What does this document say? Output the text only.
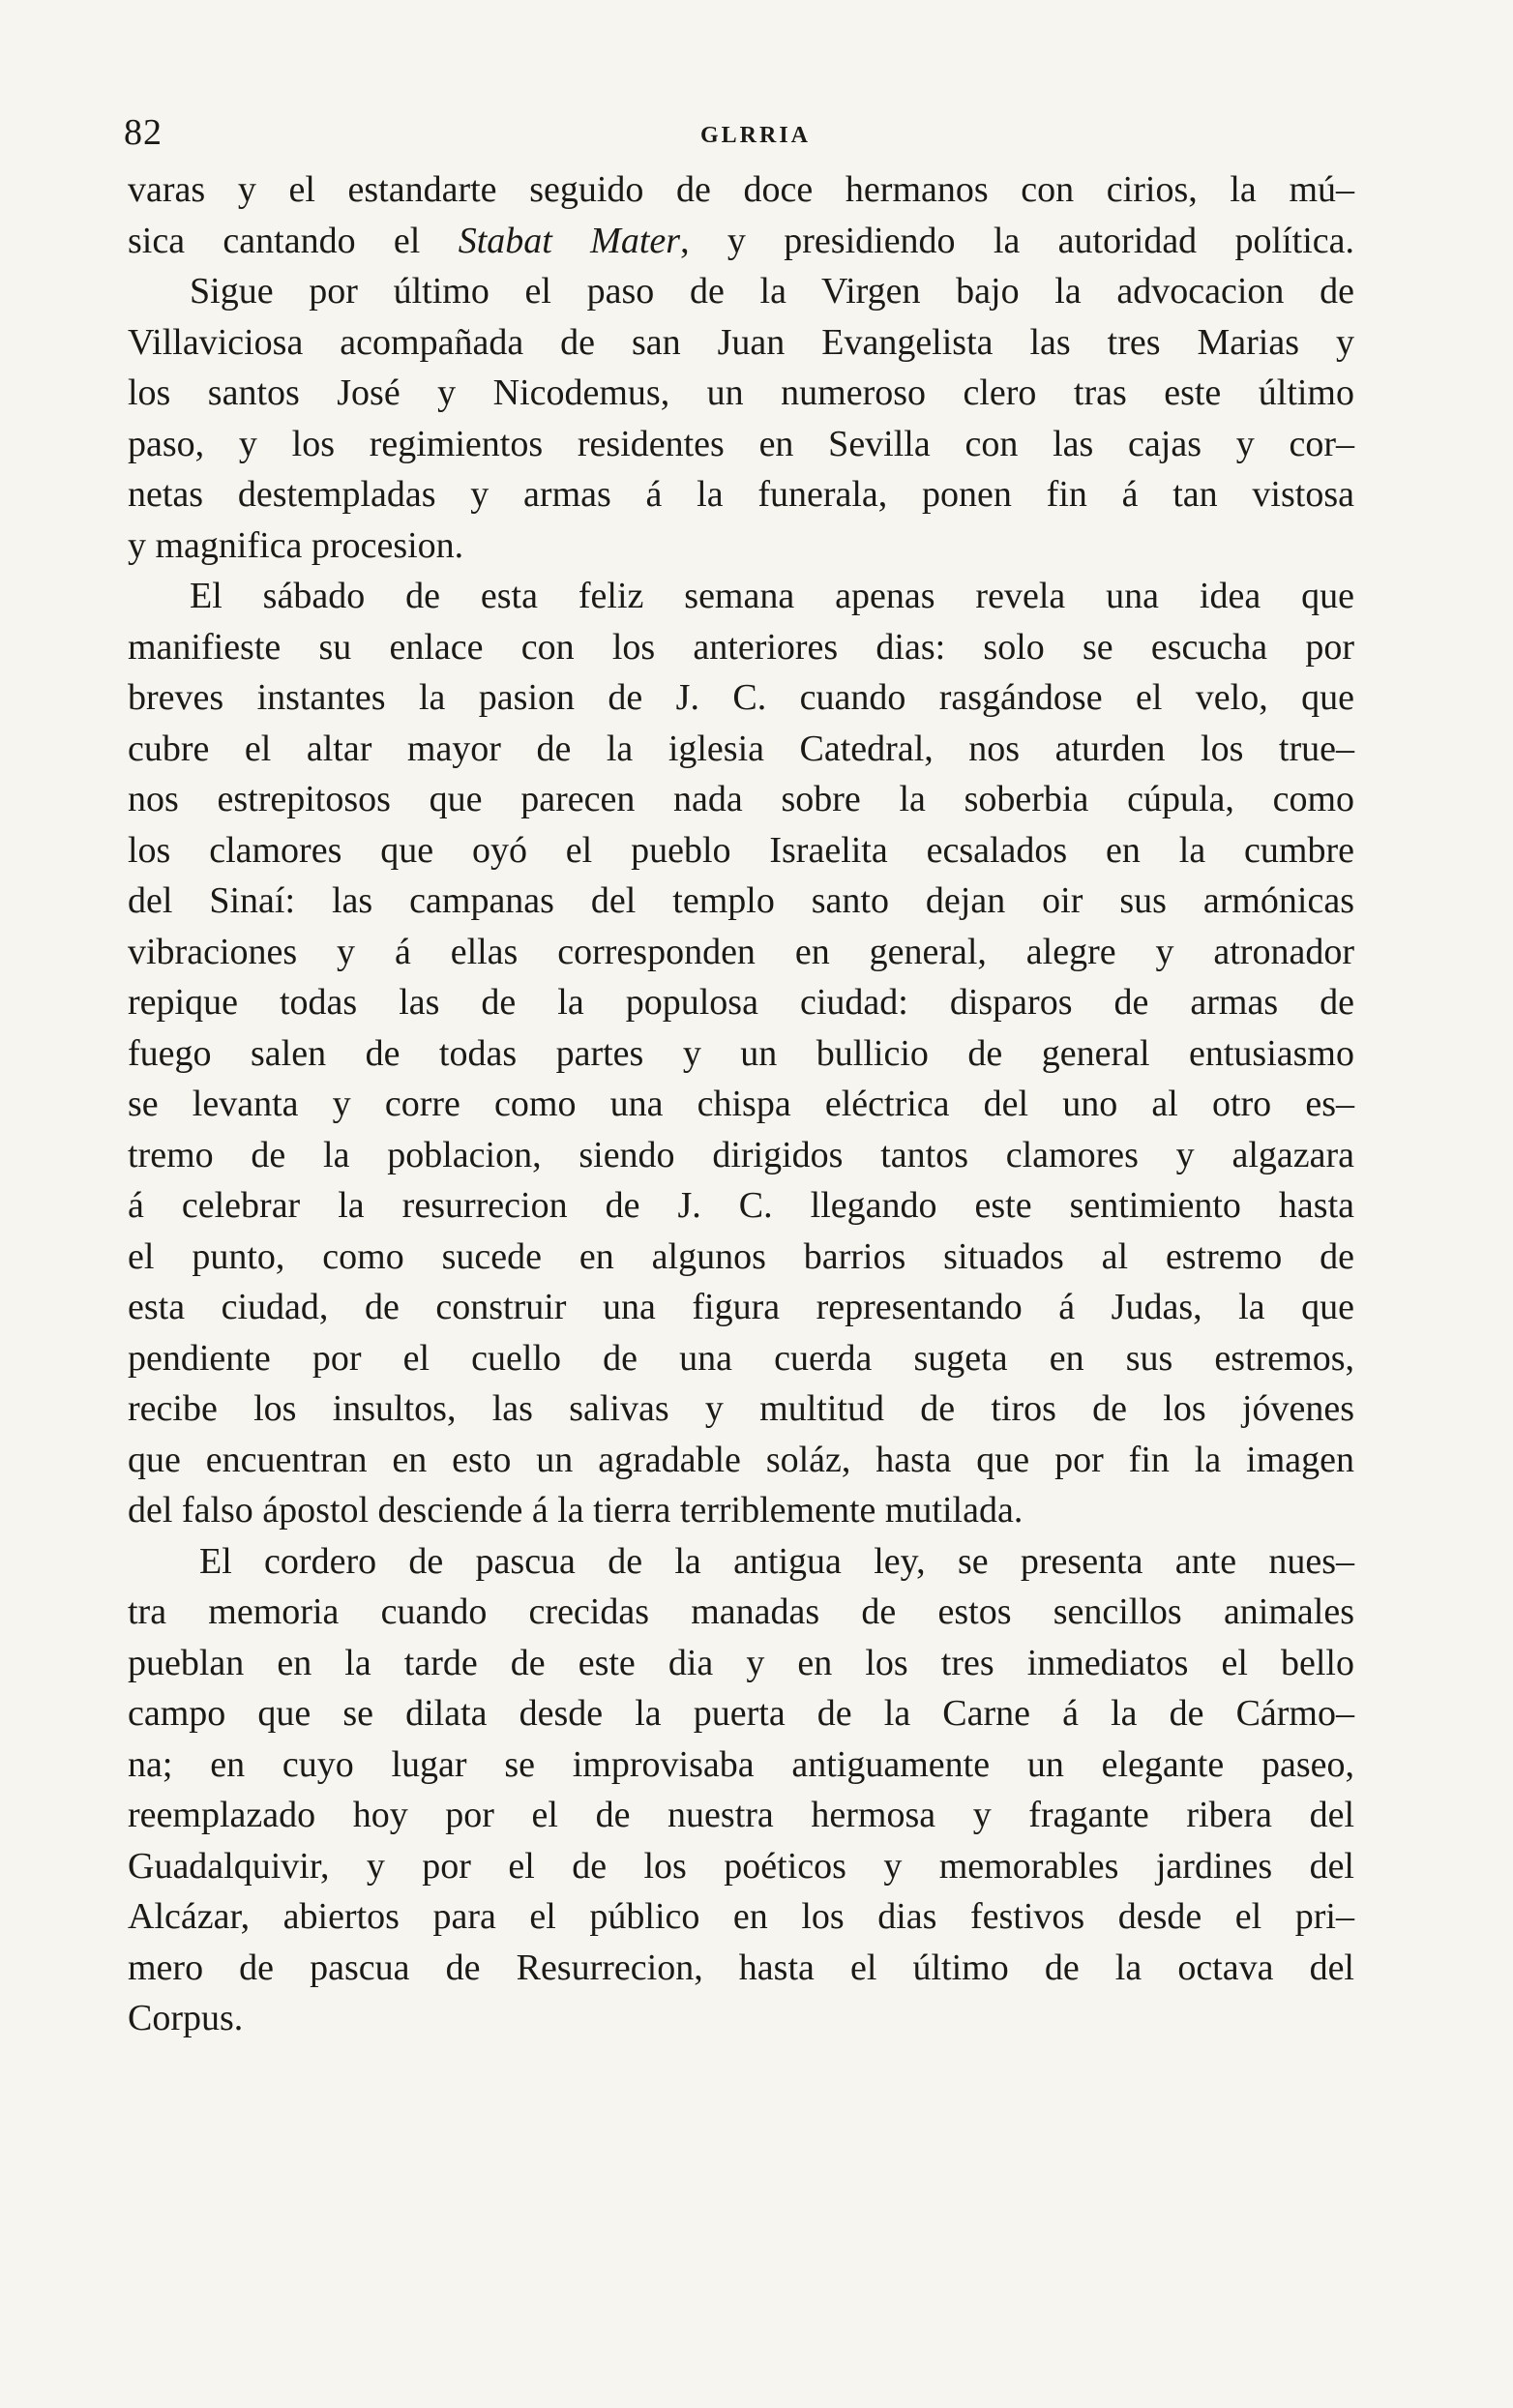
82	GLRRIA
varas y el estandarte seguido de doce hermanos con cirios, la mú–
sica cantando el Stabat Mater, y presidiendo la autoridad política.
Sigue por último el paso de la Virgen bajo la advocacion de
Villaviciosa acompañada de san Juan Evangelista las tres Marias y
los santos José y Nicodemus, un numeroso clero tras este último
paso, y los regimientos residentes en Sevilla con las cajas y cor–
netas destempladas y armas á la funerala, ponen fin á tan vistosa
y magnifica procesion.
El sábado de esta feliz semana apenas revela una idea que
manifieste su enlace con los anteriores dias: solo se escucha por
breves instantes la pasion de J. C. cuando rasgándose el velo, que
cubre el altar mayor de la iglesia Catedral, nos aturden los true–
nos estrepitosos que parecen nada sobre la soberbia cúpula, como
los clamores que oyó el pueblo Israelita ecsalados en la cumbre
del Sinaí: las campanas del templo santo dejan oir sus armónicas
vibraciones y á ellas corresponden en general, alegre y atronador
repique todas las de la populosa ciudad: disparos de armas de
fuego salen de todas partes y un bullicio de general entusiasmo
se levanta y corre como una chispa eléctrica del uno al otro es–
tremo de la poblacion, siendo dirigidos tantos clamores y algazara
á celebrar la resurrecion de J. C. llegando este sentimiento hasta
el punto, como sucede en algunos barrios situados al estremo de
esta ciudad, de construir una figura representando á Judas, la que
pendiente por el cuello de una cuerda sugeta en sus estremos,
recibe los insultos, las salivas y multitud de tiros de los jóvenes
que encuentran en esto un agradable soláz, hasta que por fin la imagen
del falso ápostol desciende á la tierra terriblemente mutilada.
El cordero de pascua de la antigua ley, se presenta ante nues–
tra memoria cuando crecidas manadas de estos sencillos animales
pueblan en la tarde de este dia y en los tres inmediatos el bello
campo que se dilata desde la puerta de la Carne á la de Cármo–
na; en cuyo lugar se improvisaba antiguamente un elegante paseo,
reemplazado hoy por el de nuestra hermosa y fragante ribera del
Guadalquivir, y por el de los poéticos y memorables jardines del
Alcázar, abiertos para el público en los dias festivos desde el pri–
mero de pascua de Resurrecion, hasta el último de la octava del
Corpus.
